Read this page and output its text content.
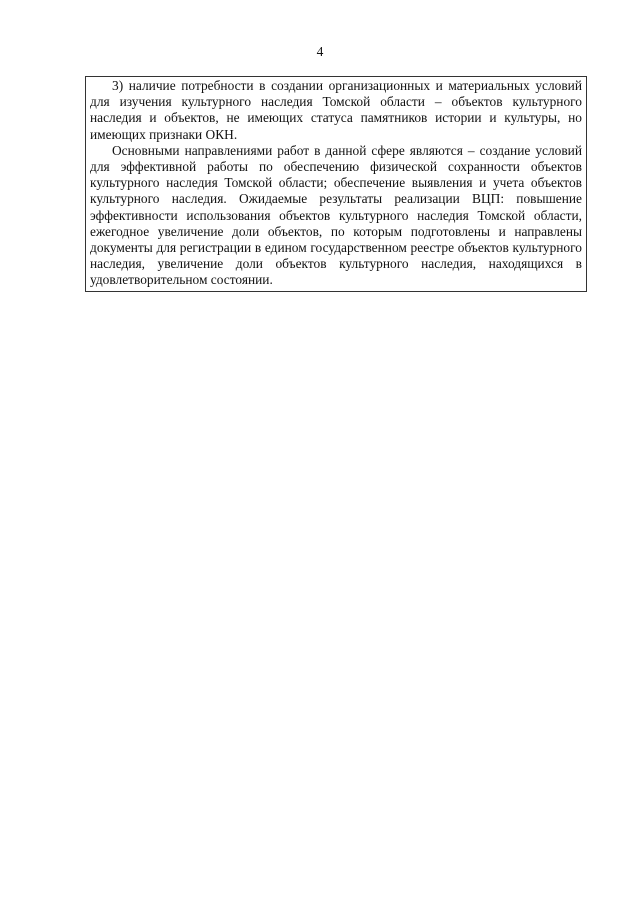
4

3) наличие потребности в создании организационных и материальных условий для изучения культурного наследия Томской области – объектов культурного наследия и объектов, не имеющих статуса памятников истории и культуры, но имеющих признаки ОКН.

Основными направлениями работ в данной сфере являются – создание условий для эффективной работы по обеспечению физической сохранности объектов культурного наследия Томской области; обеспечение выявления и учета объектов культурного наследия. Ожидаемые результаты реализации ВЦП: повышение эффективности использования объектов культурного наследия Томской области, ежегодное увеличение доли объектов, по которым подготовлены и направлены документы для регистрации в едином государственном реестре объектов культурного наследия, увеличение доли объектов культурного наследия, находящихся в удовлетворительном состоянии.
